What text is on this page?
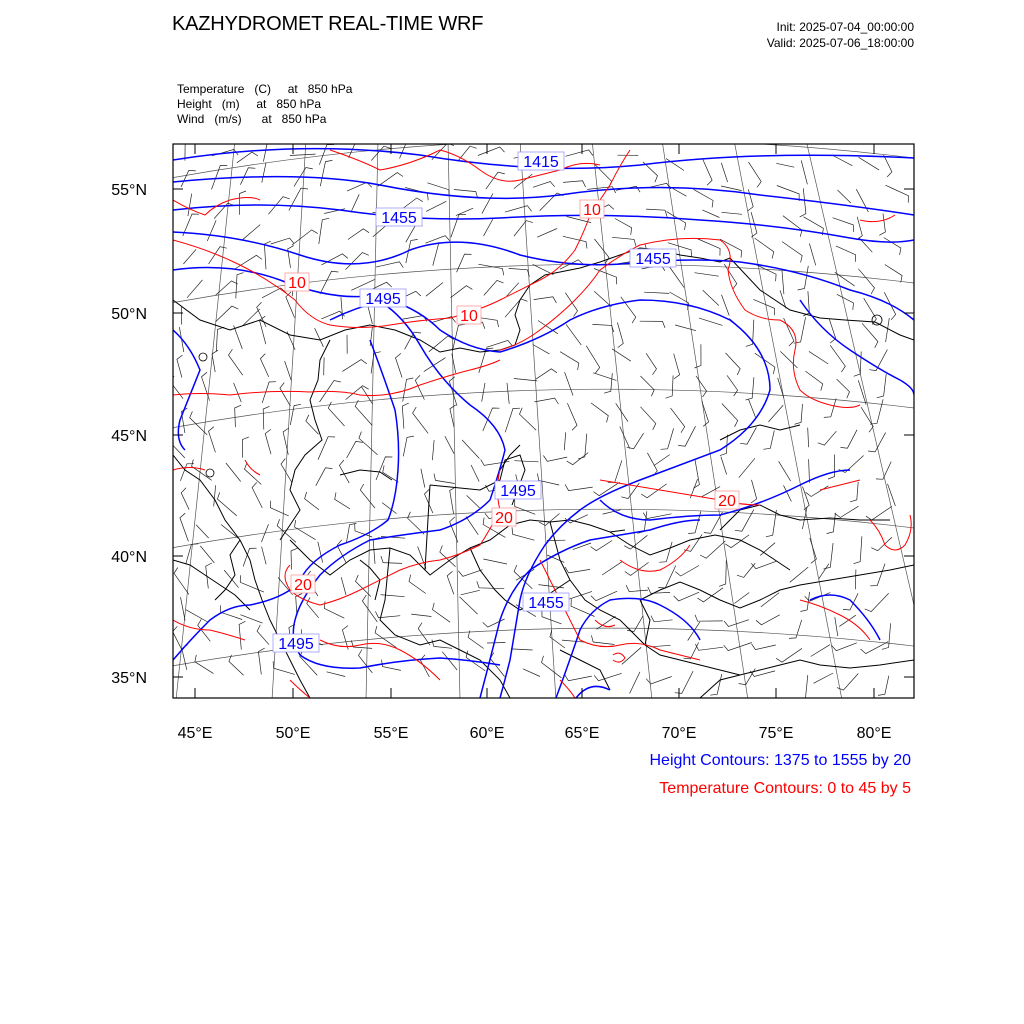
KAZHYDROMET REAL-TIME WRF	Init: 2025-07-04_00:00:00
Valid: 2025-07-06_18:00:00
Temperature   (C)     at   850 hPa
Height   (m)     at   850 hPa
Wind   (m/s)      at   850 hPa
1415
1455
1495
1455
1495
1455
1495
10
10
10
20
20
20
45°E	50°E	55°E	60°E	65°E	70°E	75°E	80°E
55°N
50°N
45°N
40°N
35°N
Height Contours: 1375 to 1555 by 20
Temperature Contours: 0 to 45 by 5
